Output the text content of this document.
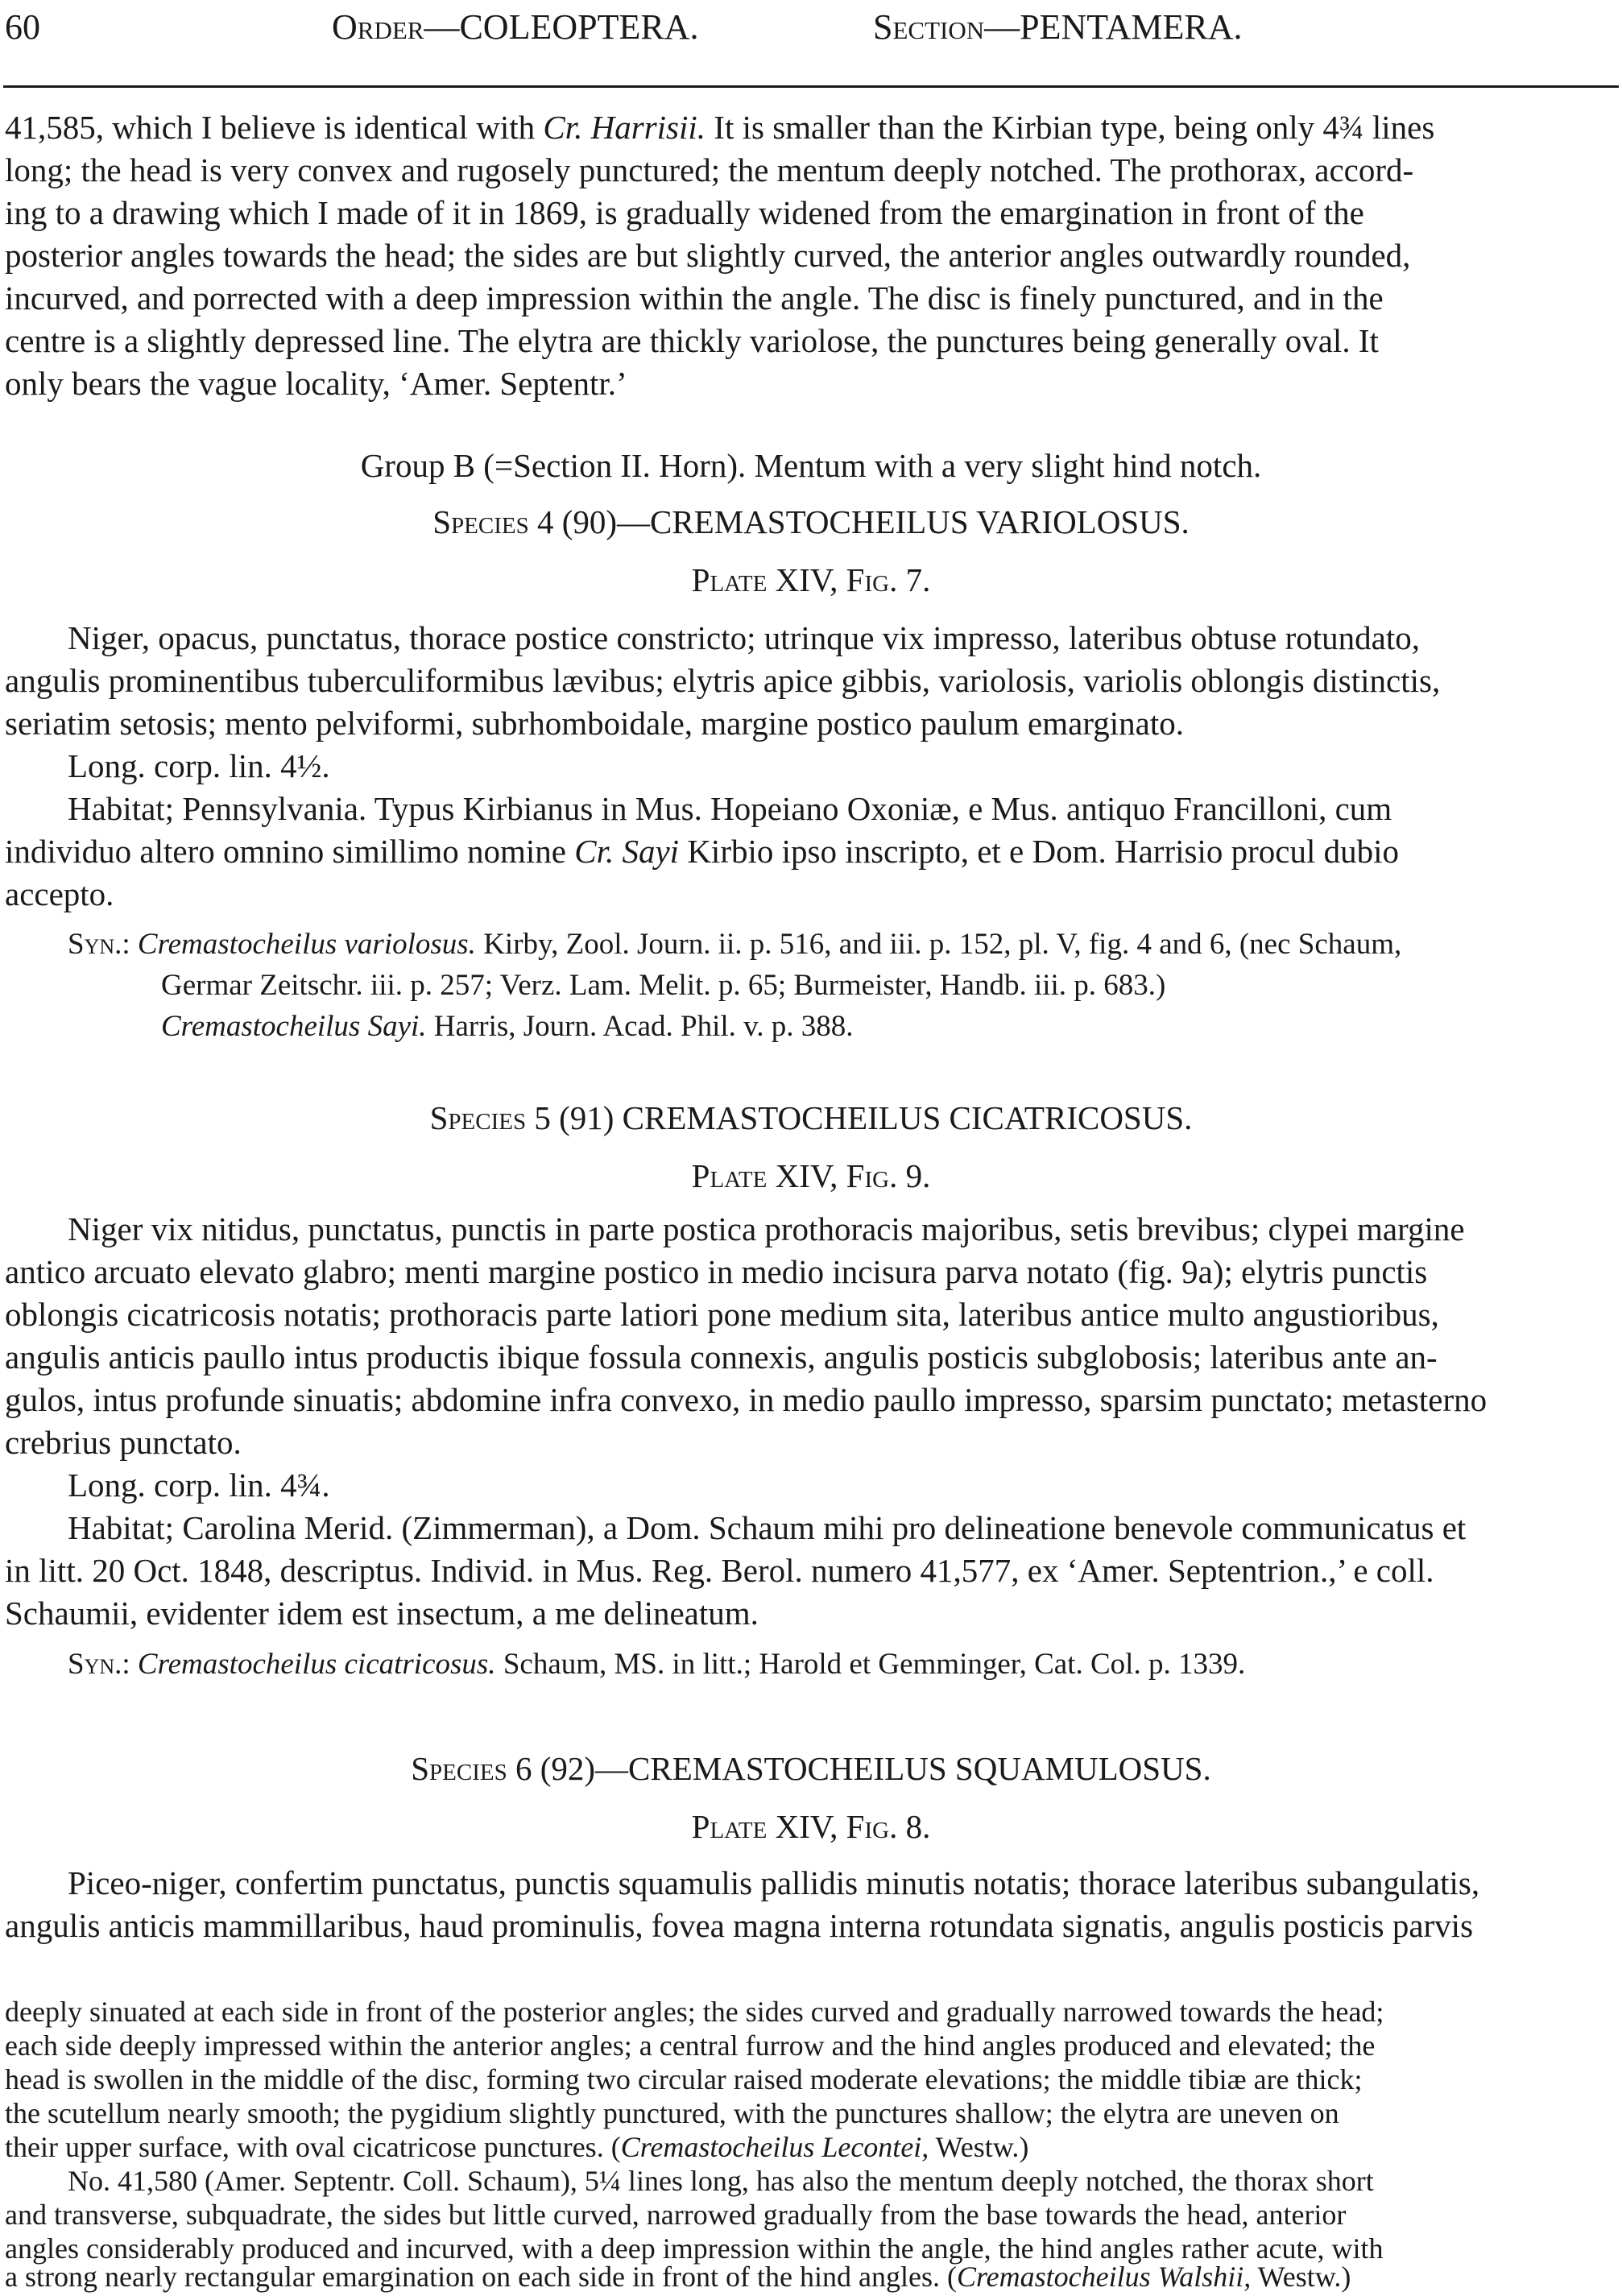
60	Order—COLEOPTERA.	Section—PENTAMERA.
41,585, which I believe is identical with Cr. Harrisii. It is smaller than the Kirbian type, being only 4¾ lines
long; the head is very convex and rugosely punctured; the mentum deeply notched. The prothorax, accord-
ing to a drawing which I made of it in 1869, is gradually widened from the emargination in front of the
posterior angles towards the head; the sides are but slightly curved, the anterior angles outwardly rounded,
incurved, and porrected with a deep impression within the angle. The disc is finely punctured, and in the
centre is a slightly depressed line. The elytra are thickly variolose, the punctures being generally oval. It
only bears the vague locality, ‘Amer. Septentr.’
Group B (=Section II. Horn). Mentum with a very slight hind notch.
Species 4 (90)—CREMASTOCHEILUS VARIOLOSUS.
Plate XIV, Fig. 7.
Niger, opacus, punctatus, thorace postice constricto; utrinque vix impresso, lateribus obtuse rotundato,
angulis prominentibus tuberculiformibus lævibus; elytris apice gibbis, variolosis, variolis oblongis distinctis,
seriatim setosis; mento pelviformi, subrhomboidale, margine postico paulum emarginato.
Long. corp. lin. 4½.
Habitat; Pennsylvania. Typus Kirbianus in Mus. Hopeiano Oxoniæ, e Mus. antiquo Francilloni, cum
individuo altero omnino simillimo nomine Cr. Sayi Kirbio ipso inscripto, et e Dom. Harrisio procul dubio
accepto.
Syn.: Cremastocheilus variolosus. Kirby, Zool. Journ. ii. p. 516, and iii. p. 152, pl. V, fig. 4 and 6, (nec Schaum,
Germar Zeitschr. iii. p. 257; Verz. Lam. Melit. p. 65; Burmeister, Handb. iii. p. 683.)
Cremastocheilus Sayi. Harris, Journ. Acad. Phil. v. p. 388.
Species 5 (91) CREMASTOCHEILUS CICATRICOSUS.
Plate XIV, Fig. 9.
Niger vix nitidus, punctatus, punctis in parte postica prothoracis majoribus, setis brevibus; clypei margine
antico arcuato elevato glabro; menti margine postico in medio incisura parva notato (fig. 9a); elytris punctis
oblongis cicatricosis notatis; prothoracis parte latiori pone medium sita, lateribus antice multo angustioribus,
angulis anticis paullo intus productis ibique fossula connexis, angulis posticis subglobosis; lateribus ante an-
gulos, intus profunde sinuatis; abdomine infra convexo, in medio paullo impresso, sparsim punctato; metasterno
crebrius punctato.
Long. corp. lin. 4¾.
Habitat; Carolina Merid. (Zimmerman), a Dom. Schaum mihi pro delineatione benevole communicatus et
in litt. 20 Oct. 1848, descriptus. Individ. in Mus. Reg. Berol. numero 41,577, ex ‘Amer. Septentrion.,’ e coll.
Schaumii, evidenter idem est insectum, a me delineatum.
Syn.: Cremastocheilus cicatricosus. Schaum, MS. in litt.; Harold et Gemminger, Cat. Col. p. 1339.
Species 6 (92)—CREMASTOCHEILUS SQUAMULOSUS.
Plate XIV, Fig. 8.
Piceo-niger, confertim punctatus, punctis squamulis pallidis minutis notatis; thorace lateribus subangulatis,
angulis anticis mammillaribus, haud prominulis, fovea magna interna rotundata signatis, angulis posticis parvis
deeply sinuated at each side in front of the posterior angles; the sides curved and gradually narrowed towards the head;
each side deeply impressed within the anterior angles; a central furrow and the hind angles produced and elevated; the
head is swollen in the middle of the disc, forming two circular raised moderate elevations; the middle tibiæ are thick;
the scutellum nearly smooth; the pygidium slightly punctured, with the punctures shallow; the elytra are uneven on
their upper surface, with oval cicatricose punctures. (Cremastocheilus Lecontei, Westw.)
No. 41,580 (Amer. Septentr. Coll. Schaum), 5¼ lines long, has also the mentum deeply notched, the thorax short
and transverse, subquadrate, the sides but little curved, narrowed gradually from the base towards the head, anterior
angles considerably produced and incurved, with a deep impression within the angle, the hind angles rather acute, with
a strong nearly rectangular emargination on each side in front of the hind angles. (Cremastocheilus Walshii, Westw.)
